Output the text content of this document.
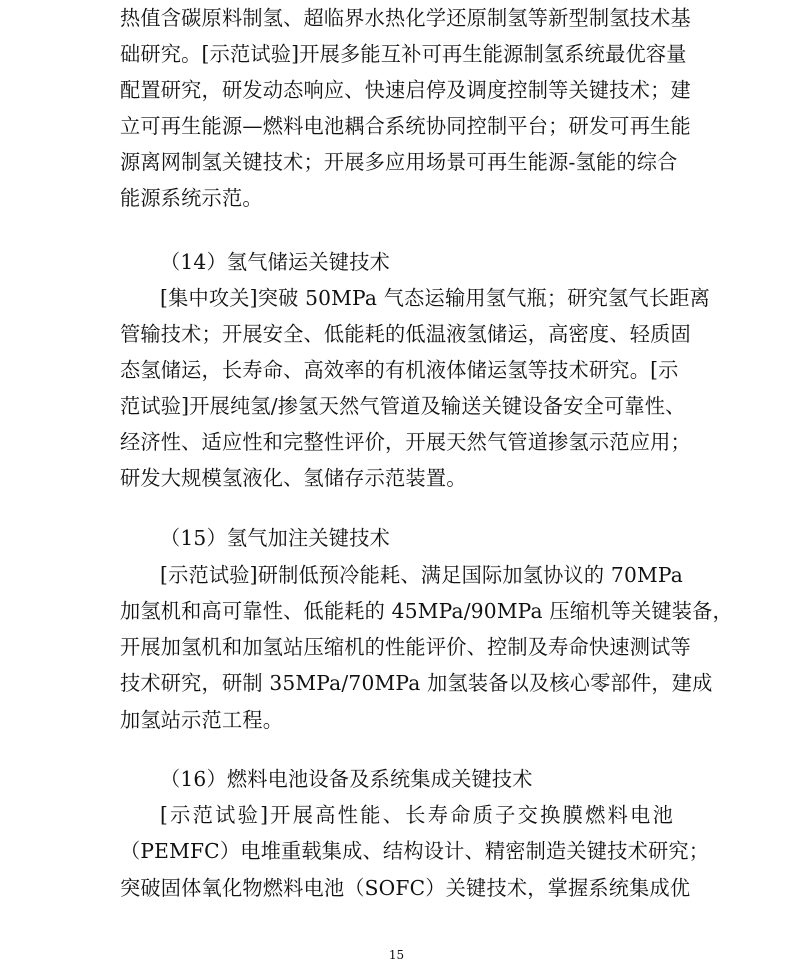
热值含碳原料制氢、超临界水热化学还原制氢等新型制氢技术基
础研究。[示范试验]开展多能互补可再生能源制氢系统最优容量
配置研究，研发动态响应、快速启停及调度控制等关键技术；建
立可再生能源—燃料电池耦合系统协同控制平台；研发可再生能
源离网制氢关键技术；开展多应用场景可再生能源-氢能的综合
能源系统示范。
（14）氢气储运关键技术
[集中攻关]突破 50MPa 气态运输用氢气瓶；研究氢气长距离
管输技术；开展安全、低能耗的低温液氢储运，高密度、轻质固
态氢储运，长寿命、高效率的有机液体储运氢等技术研究。[示
范试验]开展纯氢/掺氢天然气管道及输送关键设备安全可靠性、
经济性、适应性和完整性评价，开展天然气管道掺氢示范应用；
研发大规模氢液化、氢储存示范装置。
（15）氢气加注关键技术
[示范试验]研制低预冷能耗、满足国际加氢协议的 70MPa
加氢机和高可靠性、低能耗的 45MPa/90MPa 压缩机等关键装备，
开展加氢机和加氢站压缩机的性能评价、控制及寿命快速测试等
技术研究，研制 35MPa/70MPa 加氢装备以及核心零部件，建成
加氢站示范工程。
（16）燃料电池设备及系统集成关键技术
[示范试验]开展高性能、长寿命质子交换膜燃料电池
（PEMFC）电堆重载集成、结构设计、精密制造关键技术研究；
突破固体氧化物燃料电池（SOFC）关键技术，掌握系统集成优
15
